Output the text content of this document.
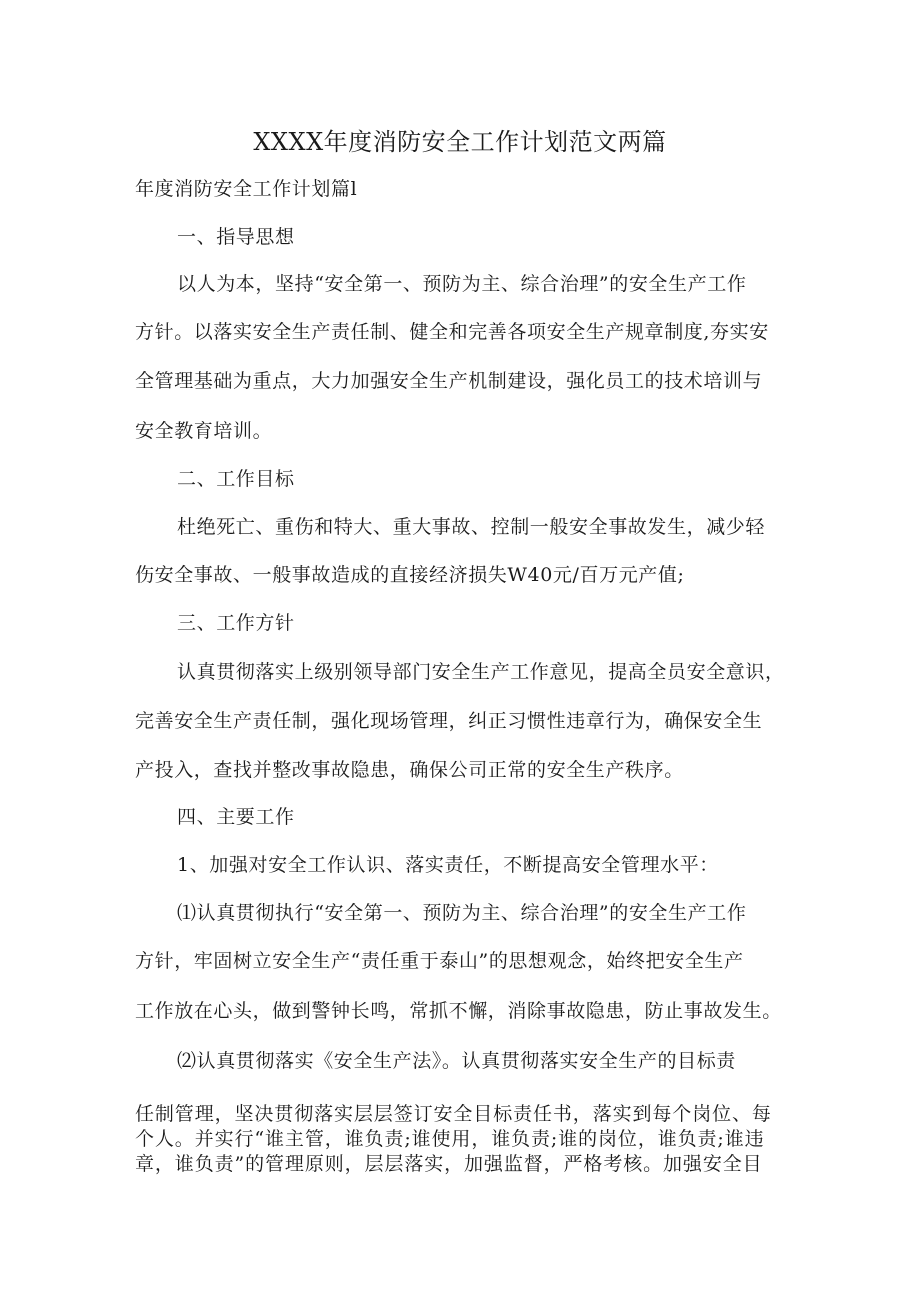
XXXX年度消防安全工作计划范文两篇
年度消防安全工作计划篇l
一、指导思想
以人为本，坚持“安全第一、预防为主、综合治理”的安全生产工作
方针。以落实安全生产责任制、健全和完善各项安全生产规章制度,夯实安
全管理基础为重点，大力加强安全生产机制建设，强化员工的技术培训与
安全教育培训。
二、工作目标
杜绝死亡、重伤和特大、重大事故、控制一般安全事故发生，减少轻
伤安全事故、一般事故造成的直接经济损失W40元/百万元产值;
三、工作方针
认真贯彻落实上级别领导部门安全生产工作意见，提高全员安全意识，
完善安全生产责任制，强化现场管理，纠正习惯性违章行为，确保安全生
产投入，查找并整改事故隐患，确保公司正常的安全生产秩序。
四、主要工作
1、加强对安全工作认识、落实责任，不断提高安全管理水平：
⑴认真贯彻执行“安全第一、预防为主、综合治理”的安全生产工作
方针，牢固树立安全生产“责任重于泰山”的思想观念，始终把安全生产
工作放在心头，做到警钟长鸣，常抓不懈，消除事故隐患，防止事故发生。
⑵认真贯彻落实《安全生产法》。认真贯彻落实安全生产的目标责
任制管理，坚决贯彻落实层层签订安全目标责任书，落实到每个岗位、每
个人。并实行“谁主管，谁负责;谁使用，谁负责;谁的岗位，谁负责;谁违
章，谁负责”的管理原则，层层落实，加强监督，严格考核。加强安全目
